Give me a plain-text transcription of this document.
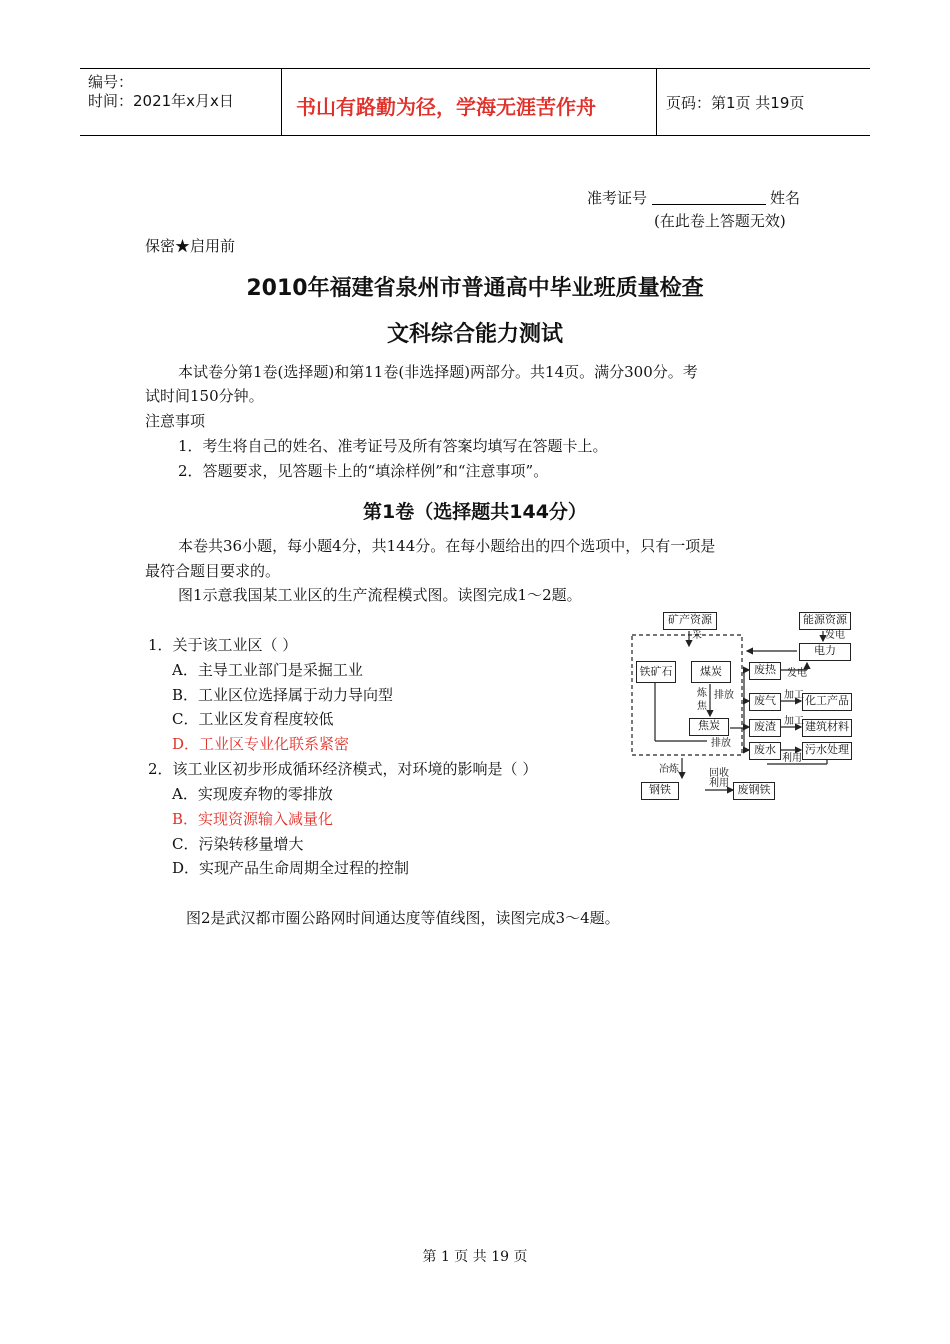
编号：
时间：2021年x月x日	书山有路勤为径，学海无涯苦作舟	页码：第1页 共19页
准考证号	姓名
(在此卷上答题无效)
保密★启用前
2010年福建省泉州市普通高中毕业班质量检查
文科综合能力测试
本试卷分第1卷(选择题)和第11卷(非选择题)两部分。共14页。满分300分。考
试时间150分钟。
注意事项
1．考生将自己的姓名、准考证号及所有答案均填写在答题卡上。
2．答题要求，见答题卡上的“填涂样例”和“注意事项”。
第1卷（选择题共144分）
本卷共36小题，每小题4分，共144分。在每小题给出的四个选项中，只有一项是
最符合题目要求的。
图1示意我国某工业区的生产流程模式图。读图完成1～2题。
1．关于该工业区（ ）
A．主导工业部门是采掘工业
B．工业区位选择属于动力导向型
C．工业区发育程度较低
D．工业区专业化联系紧密
2．该工业区初步形成循环经济模式，对环境的影响是（ ）
A．实现废弃物的零排放
B．实现资源输入减量化
C．污染转移量增大
D．实现产品生命周期全过程的控制
图2是武汉都市圈公路网时间通达度等值线图，读图完成3～4题。
矿产资源	能源资源
电力
铁矿石	煤炭
焦炭
废热
废气
废渣
废水
化工产品
建筑材料
污水处理
钢铁	废钢铁
采	发电
发电
炼
焦
排放
排放
加工
加工
利用
冶炼	回收
利用
第 1 页 共 19 页
